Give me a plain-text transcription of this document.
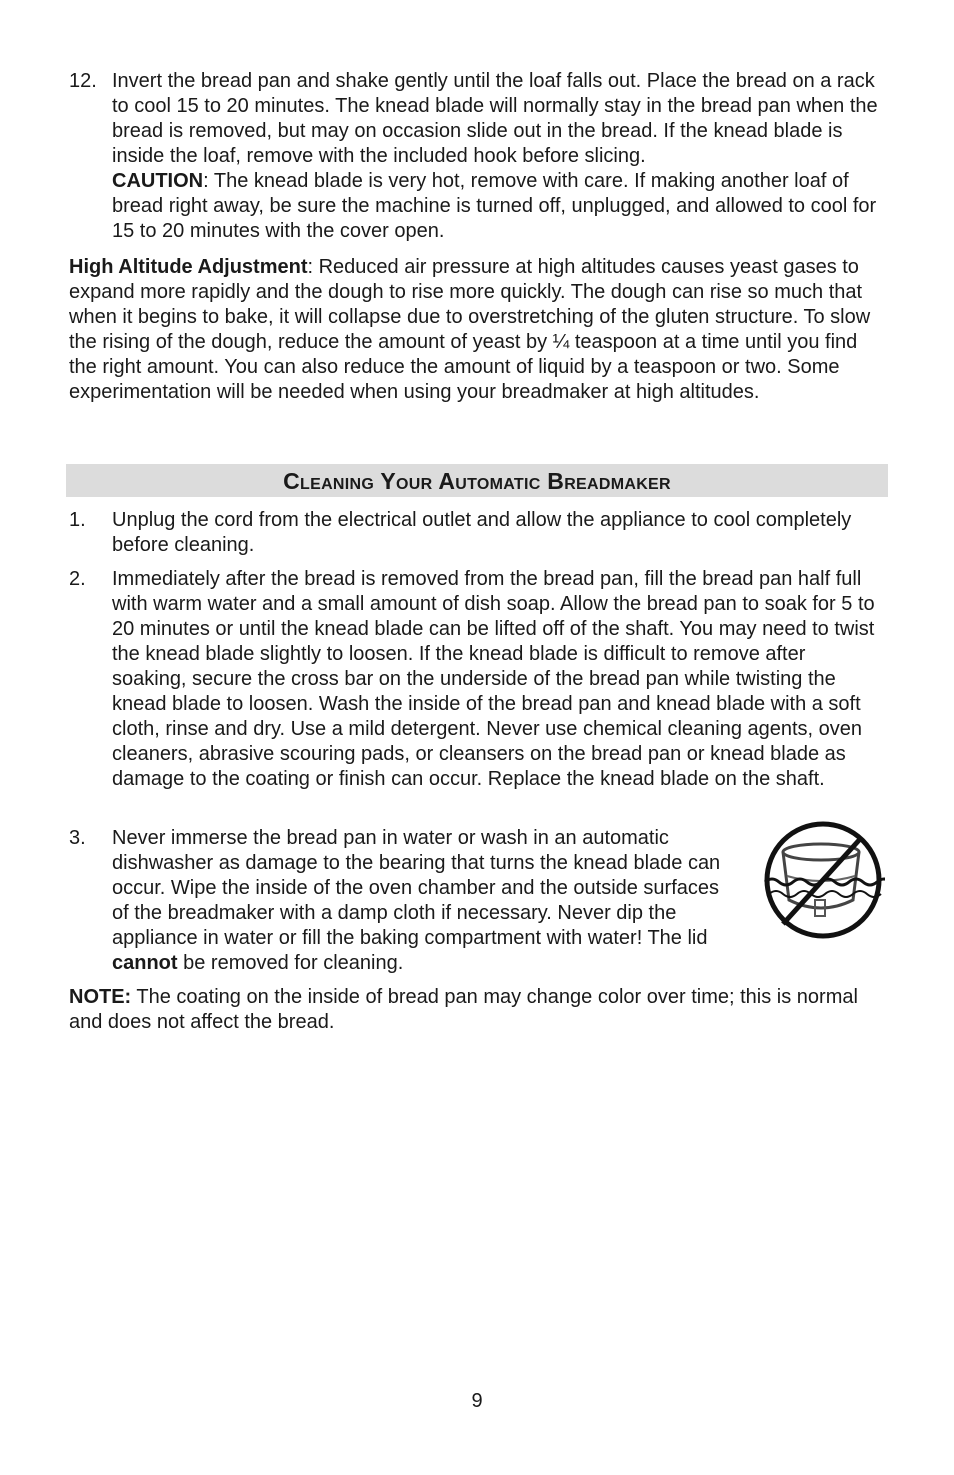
12. Invert the bread pan and shake gently until the loaf falls out. Place the bread on a rack to cool 15 to 20 minutes. The knead blade will normally stay in the bread pan when the bread is removed, but may on occasion slide out in the bread. If the knead blade is inside the loaf, remove with the included hook before slicing.
CAUTION: The knead blade is very hot, remove with care. If making another loaf of bread right away, be sure the machine is turned off, unplugged, and allowed to cool for 15 to 20 minutes with the cover open.
High Altitude Adjustment: Reduced air pressure at high altitudes causes yeast gases to expand more rapidly and the dough to rise more quickly. The dough can rise so much that when it begins to bake, it will collapse due to overstretching of the gluten structure. To slow the rising of the dough, reduce the amount of yeast by ¼ teaspoon at a time until you find the right amount. You can also reduce the amount of liquid by a teaspoon or two. Some experimentation will be needed when using your breadmaker at high altitudes.
Cleaning Your Automatic Breadmaker
1. Unplug the cord from the electrical outlet and allow the appliance to cool completely before cleaning.
2. Immediately after the bread is removed from the bread pan, fill the bread pan half full with warm water and a small amount of dish soap. Allow the bread pan to soak for 5 to 20 minutes or until the knead blade can be lifted off of the shaft. You may need to twist the knead blade slightly to loosen. If the knead blade is difficult to remove after soaking, secure the cross bar on the underside of the bread pan while twisting the knead blade to loosen. Wash the inside of the bread pan and knead blade with a soft cloth, rinse and dry. Use a mild detergent. Never use chemical cleaning agents, oven cleaners, abrasive scouring pads, or cleansers on the bread pan or knead blade as damage to the coating or finish can occur. Replace the knead blade on the shaft.
3. Never immerse the bread pan in water or wash in an automatic dishwasher as damage to the bearing that turns the knead blade can occur. Wipe the inside of the oven chamber and the outside surfaces of the breadmaker with a damp cloth if necessary. Never dip the appliance in water or fill the baking compartment with water! The lid cannot be removed for cleaning.
NOTE: The coating on the inside of bread pan may change color over time; this is normal and does not affect the bread.
9
